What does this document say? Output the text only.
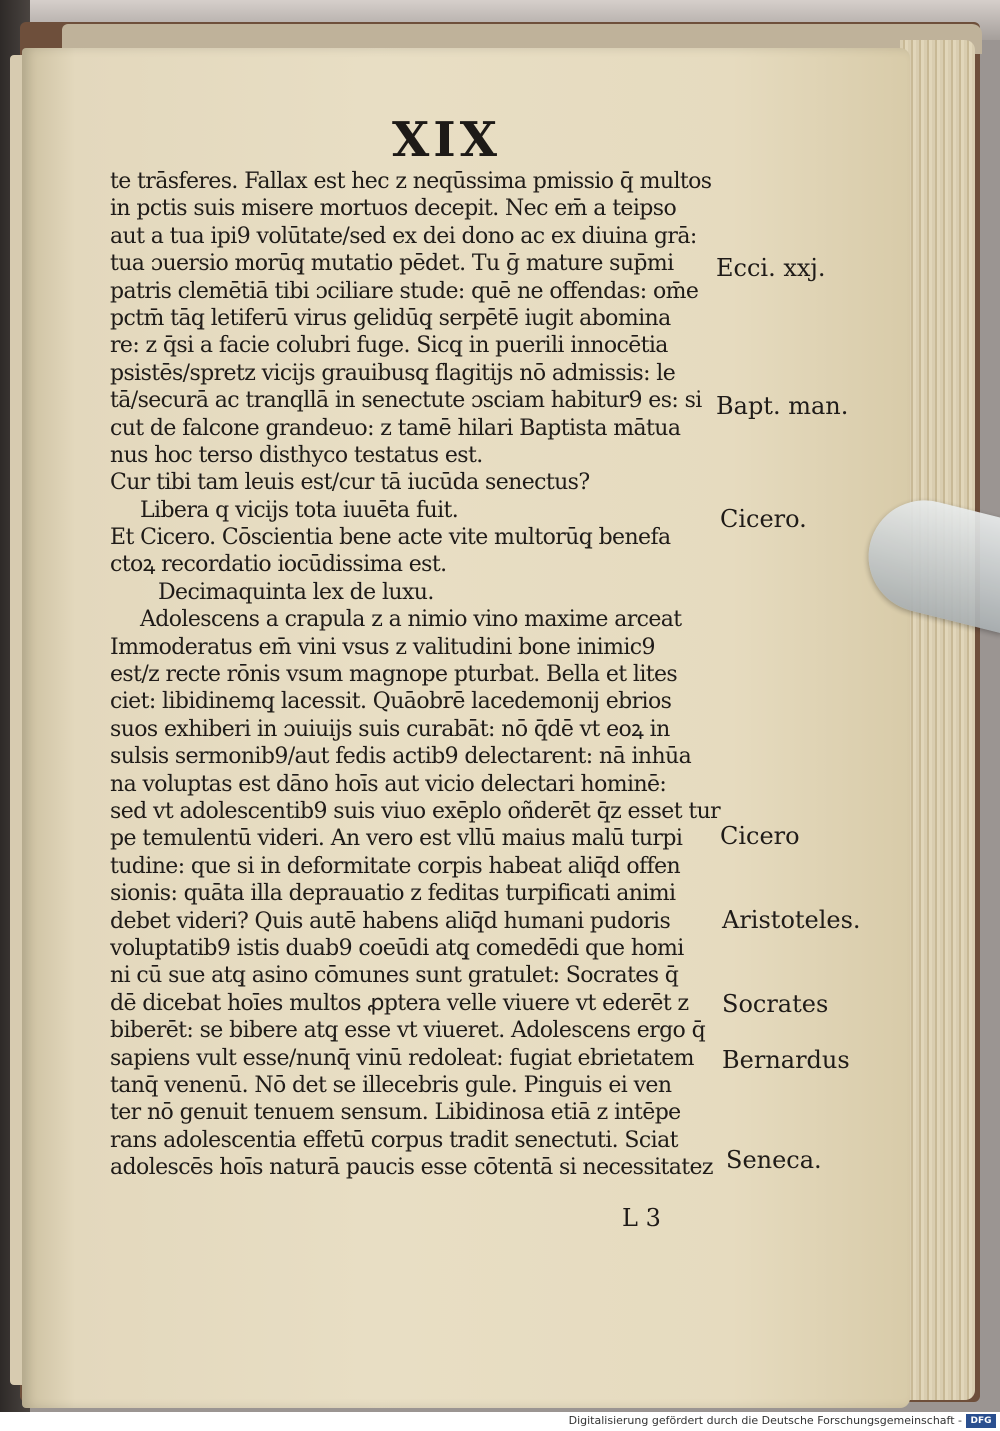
XIX
te trāsferes. Fallax est hec z neqūssima pmissio q̄ multos
in pctis suis misere mortuos decepit. Nec em̄ a teipso
aut a tua ipi9 volūtate/sed ex dei dono ac ex diuina grā:
tua ɔuersio morūq̧ mutatio pēdet. Tu ḡ mature sup̄mi
patris clemētiā tibi ɔciliare stude: quē ne offendas: om̄e
pctm̄ tāq̧ letiferū virus gelidūq̧ serpētē iugit abomina
re: z q̄si a facie colubri fuge. Sicq̧ in puerili innocētia
psistēs/spretz vicijs grauibusq̧ flagitijs nō admissis: le
tā/securā ac tranqllā in senectute ɔsciam habitur9 es: si
cut de falcone grandeuo: z tamē hilari Baptista mātua
nus hoc terso disthyco testatus est.
Cur tibi tam leuis est/cur tā iucūda senectus?
Libera q vicijs tota iuuēta fuit.
Et Cicero. Cōscientia bene acte vite multorūq̧ benefa
ctoꝝ recordatio iocūdissima est.
Decimaquinta lex de luxu.
Adolescens a crapula z a nimio vino maxime arceat
Immoderatus em̄ vini vsus z valitudini bone inimic9
est/z recte rōnis vsum magnope pturbat. Bella et lites
ciet: libidinemq̧ lacessit. Quāobrē lacedemonij ebrios
suos exhiberi in ɔuiuijs suis curabāt: nō q̄dē vt eoꝝ in
sulsis sermonib9/aut fedis actib9 delectarent: nā inhūa
na voluptas est dāno hoīs aut vicio delectari hominē:
sed vt adolescentib9 suis viuo exēplo oñderēt q̄z esset tur
pe temulentū videri. An vero est vllū maius malū turpi
tudine: que si in deformitate corpis habeat aliq̄d offen
sionis: quāta illa deprauatio z feditas turpificati animi
debet videri? Quis autē habens aliq̄d humani pudoris
voluptatib9 istis duab9 coeūdi atq̧ comedēdi que homi
ni cū sue atq̧ asino cōmunes sunt gratulet: Socrates q̄
dē dicebat hoīes multos ꝓptera velle viuere vt ederēt z
biberēt: se bibere atq̧ esse vt viueret. Adolescens ergo q̄
sapiens vult esse/nunq̄ vinū redoleat: fugiat ebrietatem
tanq̄ venenū. Nō det se illecebris gule. Pinguis ei ven
ter nō genuit tenuem sensum. Libidinosa etiā z intēpe
rans adolescentia effetū corpus tradit senectuti. Sciat
adolescēs hoīs naturā paucis esse cōtentā si necessitatez
Ecci. xxj.
Bapt. man.
Cicero.
Cicero
Aristoteles.
Socrates
Bernardus
Seneca.
L 3
Digitalisierung gefördert durch die Deutsche Forschungsgemeinschaft - DFG
